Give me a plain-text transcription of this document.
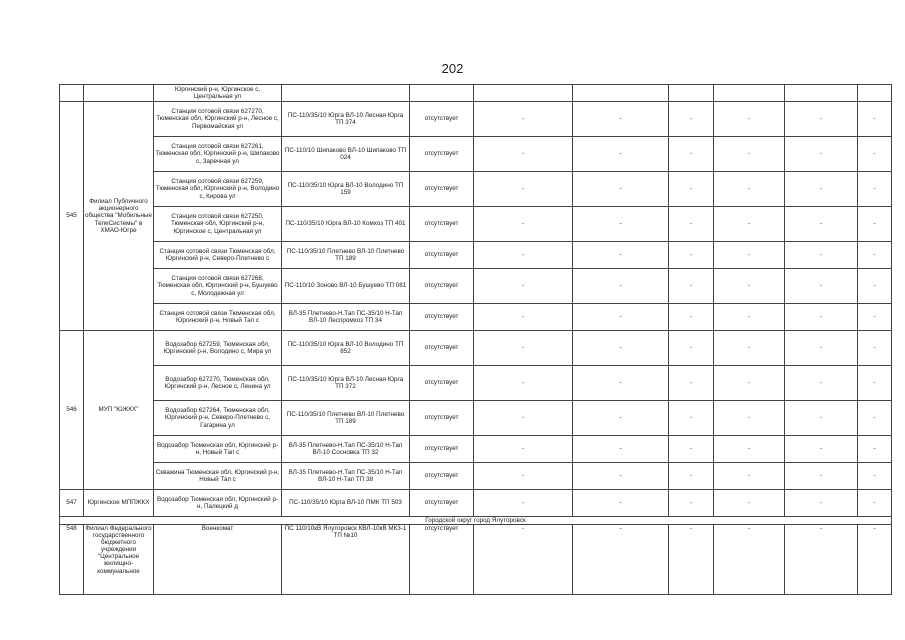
202
		Юргинский р-н, Юргинское с, Центральная ул								
545	Филиал Публичного акционерного общества "Мобильные ТелеСистемы" в ХМАО-Югре	Станция сотовой связи 627270, Тюменская обл, Юргинский р-н, Лесное с, Первомайская ул	ПС-110/35/10 Юрга ВЛ-10 Лесная Юрга ТП 374	отсутствует	-	-	-	-	-	-
		Станция сотовой связи 627261, Тюменская обл, Юргинский р-н, Шипаково с, Заречная ул	ПС-110/10 Шипаково ВЛ-10 Шипаково ТП 024	отсутствует	-	-	-	-	-	-
		Станция сотовой связи 627259, Тюменская обл, Юргинский р-н, Володино с, Кирова ул	ПС-110/35/10 Юрга ВЛ-10 Володино ТП 159	отсутствует	-	-	-	-	-	-
		Станция сотовой связи 627250, Тюменская обл, Юргинский р-н, Юргинское с, Центральная ул	ПС-110/35/10 Юрга ВЛ-10 Комхоз ТП 401	отсутствует	-	-	-	-	-	-
		Станция сотовой связи Тюменская обл, Юргинский р-н, Северо-Плетнево с	ПС-110/35/10 Плетнево ВЛ-10 Плетнево ТП 189	отсутствует	-	-	-	-	-	-
		Станция сотовой связи 627268, Тюменская обл, Юргинский р-н, Бушуево с, Молодежная ул	ПС-110/10 Зоново ВЛ-10 Бушуево ТП 081	отсутствует	-	-	-	-	-	-
		Станция сотовой связи Тюменская обл, Юргинский р-н, Новый Тап с	ВЛ-35 Плетнево-Н.Тап ПС-35/10 Н-Тап ВЛ-10 Леспромхоз ТП 34	отсутствует	-	-	-	-	-	-
546	МУП "ЮЖКХ"	Водозабор 627259, Тюменская обл, Юргинский р-н, Володино с, Мира ул	ПС-110/35/10 Юрга ВЛ-10 Володино ТП 852	отсутствует	-	-	-	-	-	-
		Водозабор 627270, Тюменская обл, Юргинский р-н, Лесное с, Ленина ул	ПС-110/35/10 Юрга ВЛ-10 Лесная Юрга ТП 372	отсутствует	-	-	-	-	-	-
		Водозабор 627264, Тюменская обл, Юргинский р-н, Северо-Плетнево с, Гагарина ул	ПС-110/35/10 Плетнево ВЛ-10 Плетнево ТП 189	отсутствует	-	-	-	-	-	-
		Водозабор Тюменская обл, Юргинский р-н, Новый Тап с	ВЛ-35 Плетнево-Н.Тап ПС-35/10 Н-Тап ВЛ-10 Сосновка ТП 32	отсутствует	-	-	-	-	-	-
		Скважина Тюменская обл, Юргинский р-н, Новый Тап с	ВЛ-35 Плетнево-Н.Тап ПС-35/10 Н-Тап ВЛ-10 Н-Тап ТП 38	отсутствует	-	-	-	-	-	-
547	Юргинское МППЖКХ	Водозабор Тюменская обл, Юргинский р-н, Палецкий д	ПС-110/35/10 Юрга ВЛ-10 ПМК ТП 503	отсутствует	-	-	-	-	-	-
Городской округ город Ялуторовск										
548	Филиал Федерального государственного бюджетного учреждения "Центральное жилищно-коммунальное	Военкомат	ПС 110/10кВ Ялуторовск КВЛ-10кВ МК3-1 ТП №10	отсутствует	-	-	-	-	-	-
